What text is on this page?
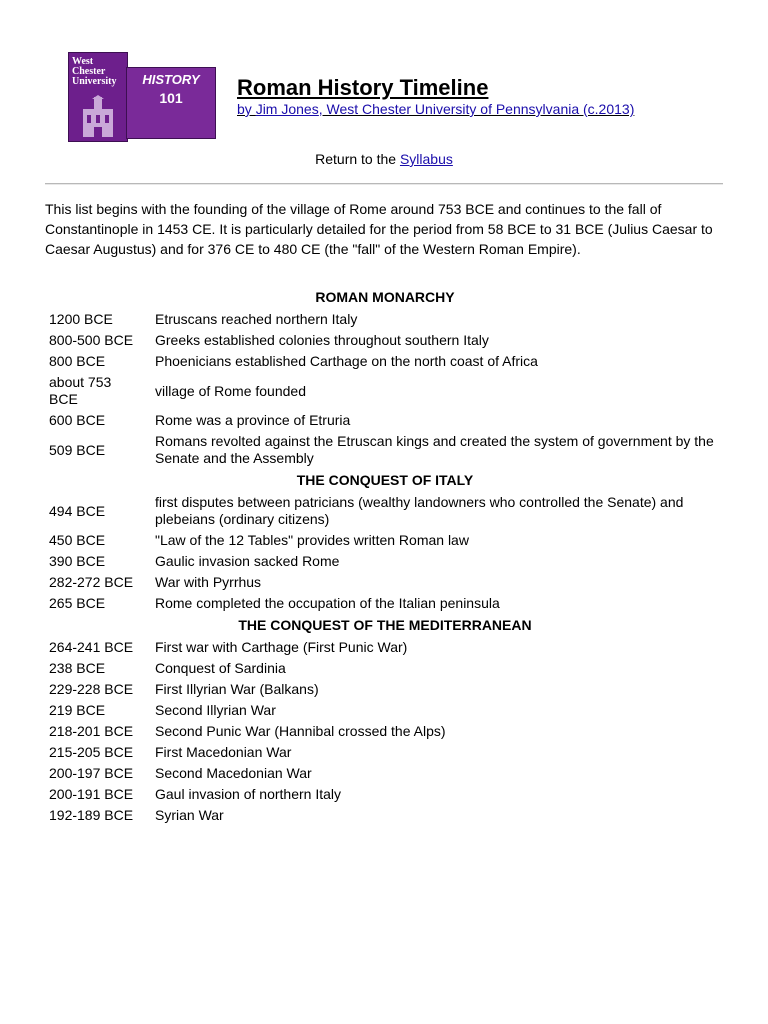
West
Chester
University	HISTORY
101	Roman History Timeline
by Jim Jones, West Chester University of Pennsylvania (c.2013)
Return to the Syllabus
This list begins with the founding of the village of Rome around 753 BCE and continues to the fall of Constantinople in 1453 CE. It is particularly detailed for the period from 58 BCE to 31 BCE (Julius Caesar to Caesar Augustus) and for 376 CE to 480 CE (the "fall" of the Western Roman Empire).
ROMAN MONARCHY	
1200 BCE	Etruscans reached northern Italy
800-500 BCE	Greeks established colonies throughout southern Italy
800 BCE	Phoenicians established Carthage on the north coast of Africa
about 753 BCE	village of Rome founded
600 BCE	Rome was a province of Etruria
509 BCE	Romans revolted against the Etruscan kings and created the system of government by the Senate and the Assembly
THE CONQUEST OF ITALY	
494 BCE	first disputes between patricians (wealthy landowners who controlled the Senate) and plebeians (ordinary citizens)
450 BCE	"Law of the 12 Tables" provides written Roman law
390 BCE	Gaulic invasion sacked Rome
282-272 BCE	War with Pyrrhus
265 BCE	Rome completed the occupation of the Italian peninsula
THE CONQUEST OF THE MEDITERRANEAN	
264-241 BCE	First war with Carthage (First Punic War)
238 BCE	Conquest of Sardinia
229-228 BCE	First Illyrian War (Balkans)
219 BCE	Second Illyrian War
218-201 BCE	Second Punic War (Hannibal crossed the Alps)
215-205 BCE	First Macedonian War
200-197 BCE	Second Macedonian War
200-191 BCE	Gaul invasion of northern Italy
192-189 BCE	Syrian War
